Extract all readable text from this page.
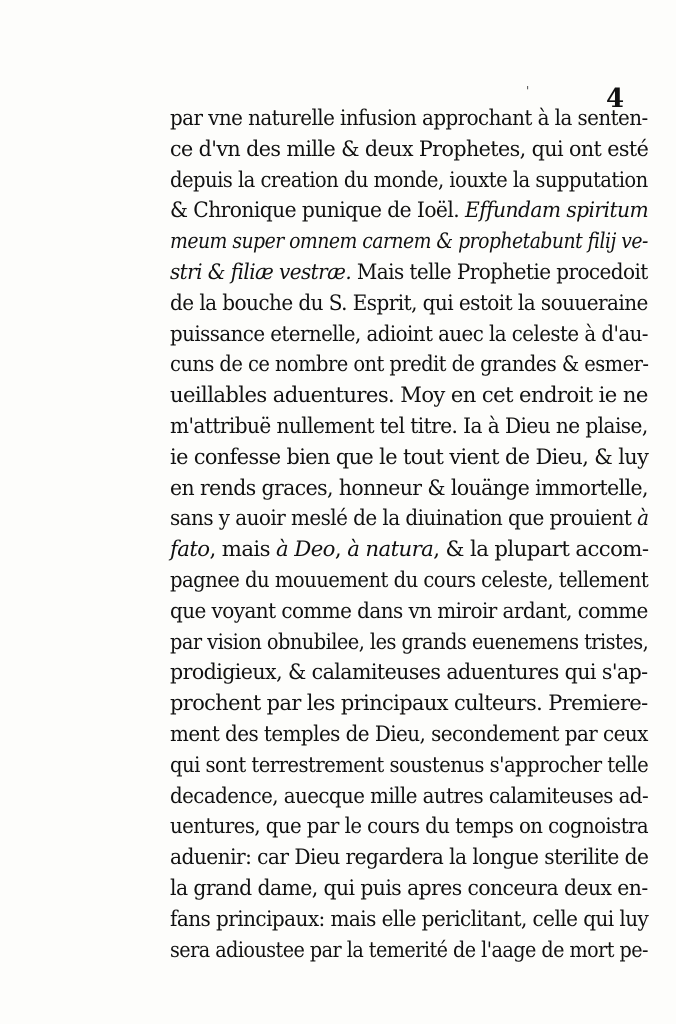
'	4
par vne naturelle infusion approchant à la senten-
ce d'vn des mille & deux Prophetes, qui ont esté
depuis la creation du monde, iouxte la supputation
& Chronique punique de Ioël. Effundam spiritum
meum super omnem carnem & prophetabunt filij ve-
stri & filiæ vestræ. Mais telle Prophetie procedoit
de la bouche du S. Esprit, qui estoit la souueraine
puissance eternelle, adioint auec la celeste à d'au-
cuns de ce nombre ont predit de grandes & esmer-
ueillables aduentures. Moy en cet endroit ie ne
m'attribuë nullement tel titre. Ia à Dieu ne plaise,
ie confesse bien que le tout vient de Dieu, & luy
en rends graces, honneur & louänge immortelle,
sans y auoir meslé de la diuination que prouient à
fato, mais à Deo, à natura, & la plupart accom-
pagnee du mouuement du cours celeste, tellement
que voyant comme dans vn miroir ardant, comme
par vision obnubilee, les grands euenemens tristes,
prodigieux, & calamiteuses aduentures qui s'ap-
prochent par les principaux culteurs. Premiere-
ment des temples de Dieu, secondement par ceux
qui sont terrestrement soustenus s'approcher telle
decadence, auecque mille autres calamiteuses ad-
uentures, que par le cours du temps on cognoistra
aduenir: car Dieu regardera la longue sterilite de
la grand dame, qui puis apres conceura deux en-
fans principaux: mais elle periclitant, celle qui luy
sera adioustee par la temerité de l'aage de mort pe-
